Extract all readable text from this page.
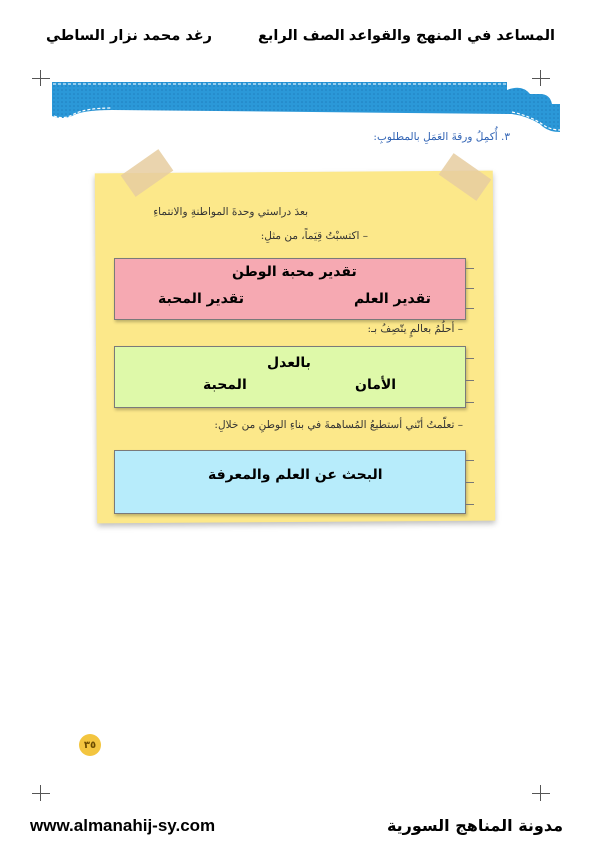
المساعد في المنهج والقواعد
الصف الرابع
رغد محمد نزار الساطي
٣. أُكمِلُ ورقةَ العَمَلِ بالمطلوبِ:
بعدَ دراستي وحدةَ المواطنةِ والانتماءِ
– اكتسبْتُ قِيَماً، من مثلِ:
تقدير محبة الوطن
تقدير المحبة	تقدير العلم
– أحلُمُ بعالمٍ يتّصِفُ بـ:
بالعدل
المحبة	الأمان
– تعلّمتُ أنّني أستطيعُ المُساهمةَ في بناءِ الوطنِ من خلالِ:
البحث عن العلم والمعرفة
٣٥
www.almanahij-sy.com	مدونة المناهج السورية
